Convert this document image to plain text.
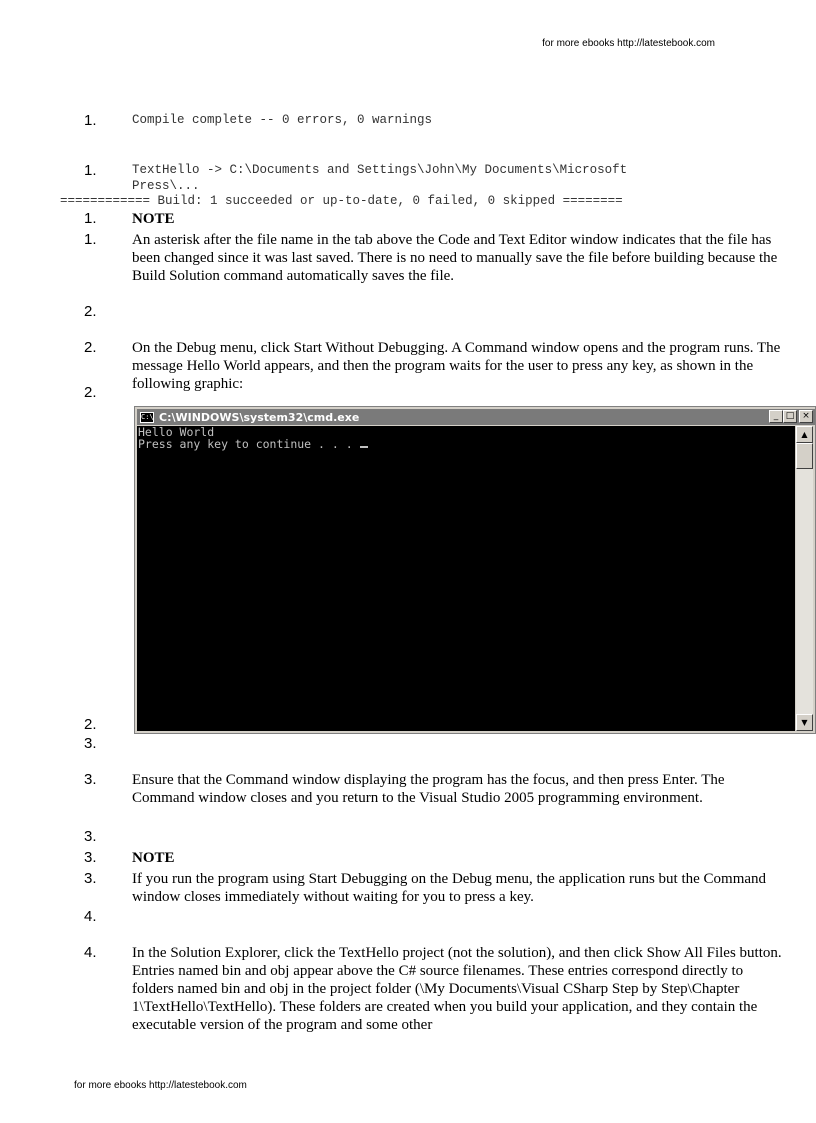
for more ebooks http://latestebook.com
1.	Compile complete -- 0 errors, 0 warnings
1.	TextHello -> C:\Documents and Settings\John\My Documents\Microsoft
Press\...
============ Build: 1 succeeded or up-to-date, 0 failed, 0 skipped ========
1.	NOTE
1.	An asterisk after the file name in the tab above the Code and Text Editor window indicates that the file has been changed since it was last saved. There is no need to manually save the file before building because the Build Solution command automatically saves the file.
2.
2.	On the Debug menu, click Start Without Debugging. A Command window opens and the program runs. The message Hello World appears, and then the program waits for the user to press any key, as shown in the following graphic:
2.
C:\ C:\WINDOWS\system32\cmd.exe	_ □ ×
Hello World
Press any key to continue . . .
▲
▼
2.
3.
3.	Ensure that the Command window displaying the program has the focus, and then press Enter. The Command window closes and you return to the Visual Studio 2005 programming environment.
3.
3.	NOTE
3.	If you run the program using Start Debugging on the Debug menu, the application runs but the Command window closes immediately without waiting for you to press a key.
4.
4.	In the Solution Explorer, click the TextHello project (not the solution), and then click Show All Files button. Entries named bin and obj appear above the C# source filenames. These entries correspond directly to folders named bin and obj in the project folder (\My Documents\Visual CSharp Step by Step\Chapter 1\TextHello\TextHello). These folders are created when you build your application, and they contain the executable version of the program and some other
for more ebooks http://latestebook.com
